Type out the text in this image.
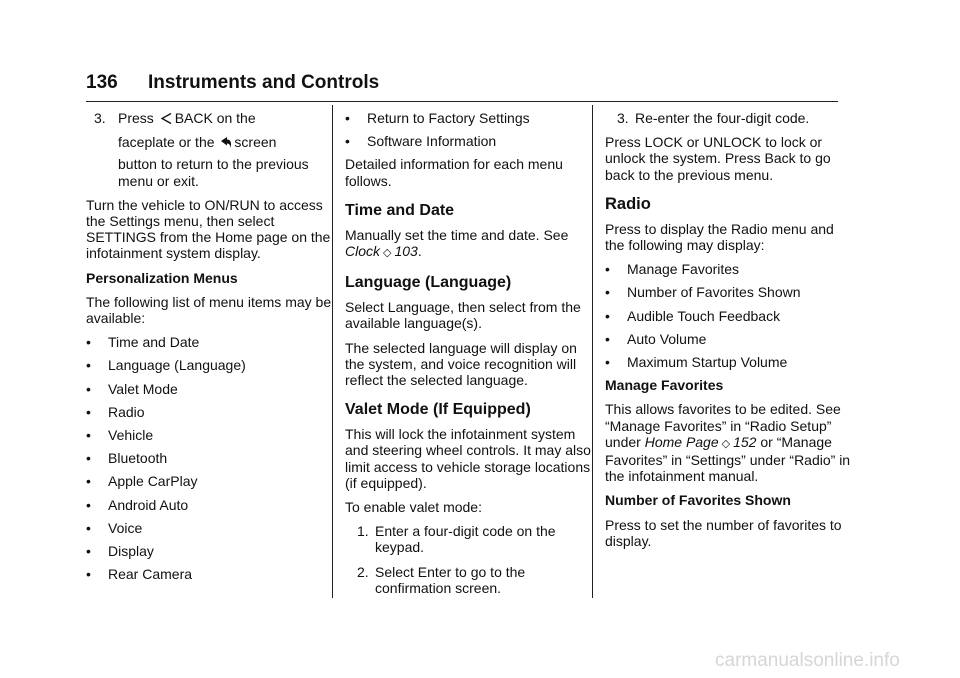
136 Instruments and Controls
3. Press BACK on the
faceplate or the screen
button to return to the previous menu or exit.

Turn the vehicle to ON/RUN to access the Settings menu, then select SETTINGS from the Home page on the infotainment system display.

Personalization Menus

The following list of menu items may be available:

•	Time and Date
•	Language (Language)
•	Valet Mode
•	Radio
•	Vehicle
•	Bluetooth
•	Apple CarPlay
•	Android Auto
•	Voice
•	Display
•	Rear Camera
•	Return to Factory Settings
•	Software Information

Detailed information for each menu follows.

Time and Date

Manually set the time and date. See Clock ◇ 103.

Language (Language)

Select Language, then select from the available language(s).

The selected language will display on the system, and voice recognition will reflect the selected language.

Valet Mode (If Equipped)

This will lock the infotainment system and steering wheel controls. It may also limit access to vehicle storage locations (if equipped).

To enable valet mode:

1. Enter a four-digit code on the keypad.
2. Select Enter to go to the confirmation screen.
3. Re-enter the four-digit code.

Press LOCK or UNLOCK to lock or unlock the system. Press Back to go back to the previous menu.

Radio

Press to display the Radio menu and the following may display:

•	Manage Favorites
•	Number of Favorites Shown
•	Audible Touch Feedback
•	Auto Volume
•	Maximum Startup Volume

Manage Favorites

This allows favorites to be edited. See “Manage Favorites” in “Radio Setup” under Home Page ◇ 152 or “Manage Favorites” in “Settings” under “Radio” in the infotainment manual.

Number of Favorites Shown

Press to set the number of favorites to display.

carmanualsonline.info
